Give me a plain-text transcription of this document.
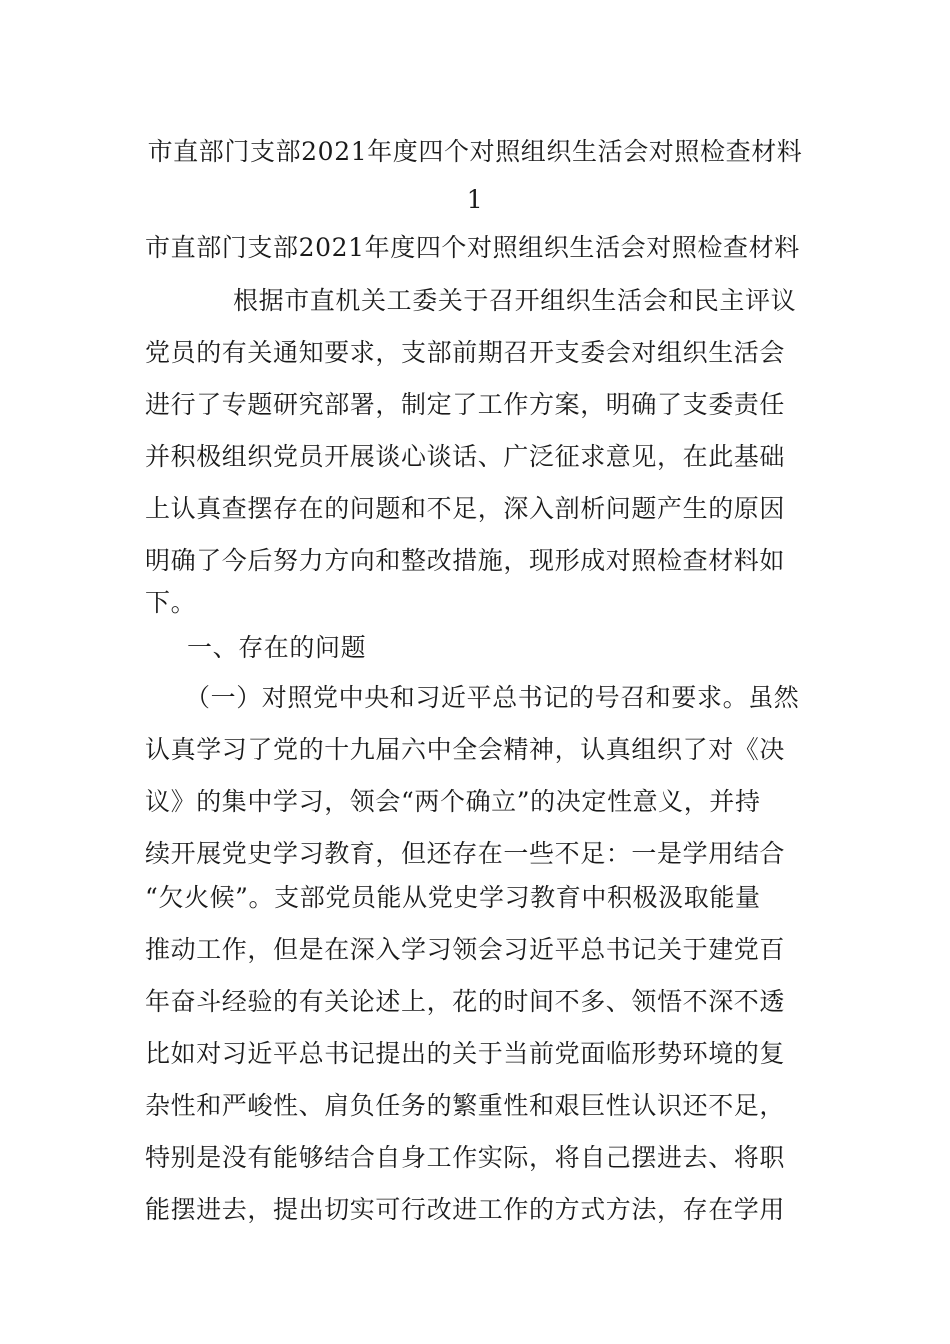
市直部门支部2021年度四个对照组织生活会对照检查材料
1
市直部门支部2021年度四个对照组织生活会对照检查材料
根据市直机关工委关于召开组织生活会和民主评议
党员的有关通知要求，支部前期召开支委会对组织生活会
进行了专题研究部署，制定了工作方案，明确了支委责任
并积极组织党员开展谈心谈话、广泛征求意见，在此基础
上认真查摆存在的问题和不足，深入剖析问题产生的原因
明确了今后努力方向和整改措施，现形成对照检查材料如
下。
一、存在的问题
（一）对照党中央和习近平总书记的号召和要求。虽然
认真学习了党的十九届六中全会精神，认真组织了对《决
议》的集中学习，领会“两个确立”的决定性意义，并持
续开展党史学习教育，但还存在一些不足：一是学用结合
“欠火候”。支部党员能从党史学习教育中积极汲取能量
推动工作，但是在深入学习领会习近平总书记关于建党百
年奋斗经验的有关论述上，花的时间不多、领悟不深不透
比如对习近平总书记提出的关于当前党面临形势环境的复
杂性和严峻性、肩负任务的繁重性和艰巨性认识还不足，
特别是没有能够结合自身工作实际，将自己摆进去、将职
能摆进去，提出切实可行改进工作的方式方法，存在学用
